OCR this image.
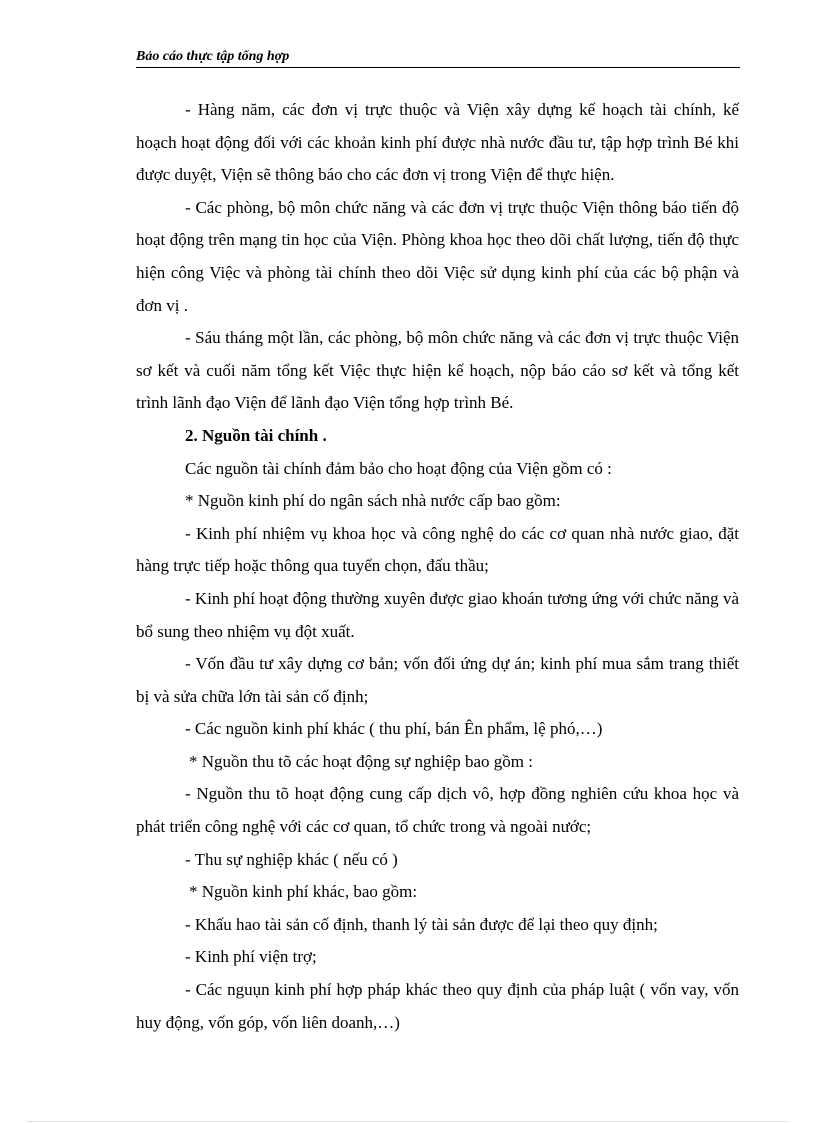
Bảo cáo thực tập tổng hợp

- Hàng năm, các đơn vị trực thuộc và Viện xây dựng kế hoạch tài chính, kế hoạch hoạt động đối với các khoản kinh phí được nhà nước đầu tư, tập hợp trình Bé khi được duyệt, Viện sẽ thông báo cho các đơn vị trong Viện để thực hiện.

- Các phòng, bộ môn chức năng và các đơn vị trực thuộc Viện thông báo tiến độ hoạt động trên mạng tin học của Viện. Phòng khoa học theo dõi chất lượng, tiến độ thực hiện công Việc và phòng tài chính theo dõi Việc sử dụng kinh phí của các bộ phận và đơn vị .

- Sáu tháng một lần, các phòng, bộ môn chức năng và các đơn vị trực thuộc Viện sơ kết và cuối năm tổng kết Việc thực hiện kế hoạch, nộp báo cáo sơ kết và tổng kết trình lãnh đạo Viện để lãnh đạo Viện tổng hợp trình Bé.

2. Nguồn tài chính .

Các nguồn tài chính đảm bảo cho hoạt động của Viện gồm có :

* Nguồn kinh phí do ngân sách nhà nước cấp bao gồm:

- Kinh phí nhiệm vụ khoa học và công nghệ do các cơ quan nhà nước giao, đặt hàng trực tiếp hoặc thông qua tuyển chọn, đấu thầu;

- Kinh phí hoạt động thường xuyên được giao khoán tương ứng với chức năng và bổ sung theo nhiệm vụ đột xuất.

- Vốn đầu tư xây dựng cơ bản; vốn đối ứng dự án; kinh phí mua sắm trang thiết bị và sửa chữa lớn tài sản cố định;

- Các nguồn kinh phí khác ( thu phí, bán Ên phẩm, lệ phó,…)

* Nguồn thu tõ các hoạt động sự nghiệp bao gồm :

- Nguồn thu tõ hoạt động cung cấp dịch vô, hợp đồng nghiên cứu khoa học và phát triển công nghệ với các cơ quan, tổ chức trong và ngoài nước;

- Thu sự nghiệp khác ( nếu có )

* Nguồn kinh phí khác, bao gồm:

- Khấu hao tài sản cố định, thanh lý tài sản được để lại theo quy định;

- Kinh phí viện trợ;

- Các nguụn kinh phí hợp pháp khác theo quy định của pháp luật ( vốn vay, vốn huy động, vốn góp, vốn liên doanh,…)
